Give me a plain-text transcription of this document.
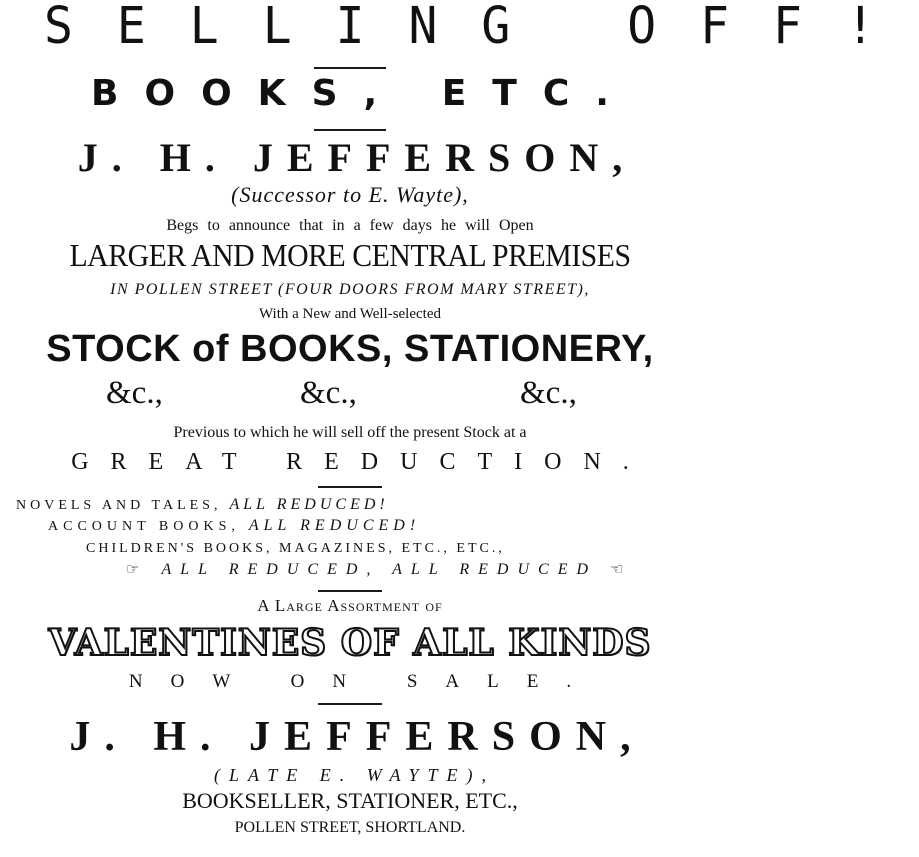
SELLING OFF!
BOOKS, ETC.
J. H. JEFFERSON,
(Successor to E. Wayte),
Begs to announce that in a few days he will Open
LARGER AND MORE CENTRAL PREMISES
IN POLLEN STREET (FOUR DOORS FROM MARY STREET),
With a New and Well-selected
STOCK of BOOKS, STATIONERY,
&c.,	&c.,	&c.,
Previous to which he will sell off the present Stock at a
GREAT REDUCTION.
NOVELS AND TALES, ALL REDUCED!
ACCOUNT BOOKS, ALL REDUCED!
CHILDREN'S BOOKS, MAGAZINES, ETC., ETC.,
☞ ALL REDUCED, ALL REDUCED ☜
A Large Assortment of
VALENTINES OF ALL KINDS
NOW ON SALE.
J. H. JEFFERSON,
(LATE E. WAYTE),
BOOKSELLER, STATIONER, ETC.,
POLLEN STREET, SHORTLAND.
